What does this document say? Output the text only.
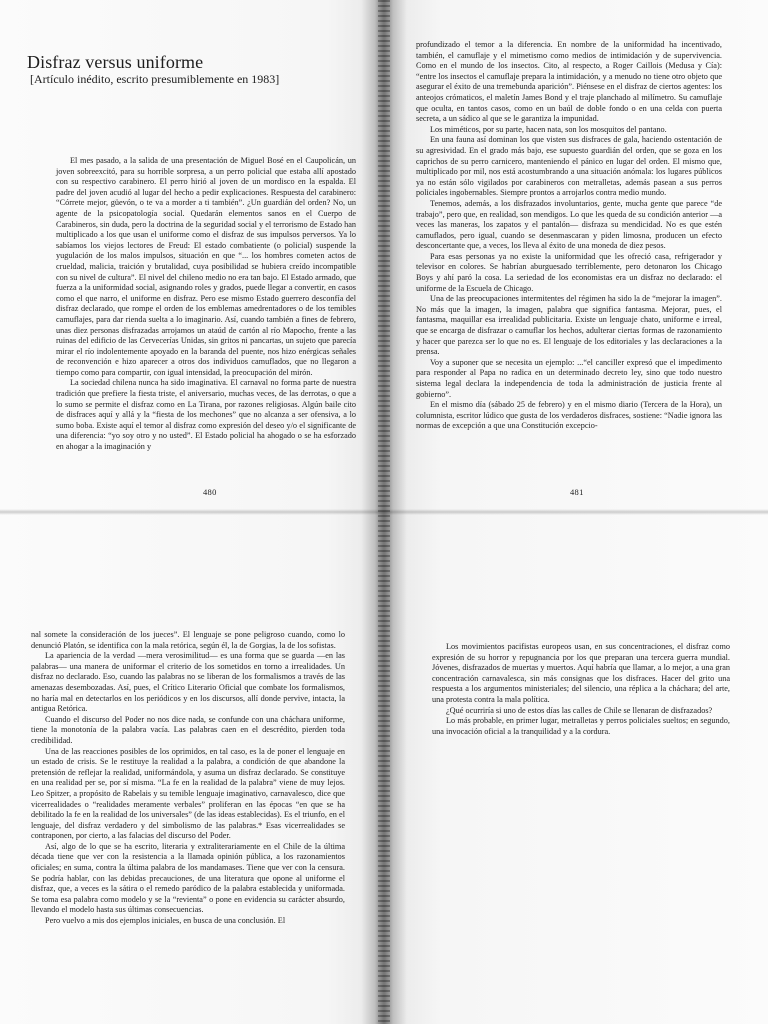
Disfraz versus uniforme
[Artículo inédito, escrito presumiblemente en 1983]

El mes pasado, a la salida de una presentación de Miguel Bosé en el Caupolicán, un joven sobreexcitó, para su horrible sorpresa, a un perro policial que estaba allí apostado con su respectivo carabinero. El perro hirió al joven de un mordisco en la espalda. El padre del joven acudió al lugar del hecho a pedir explicaciones. Respuesta del carabinero: “Córrete mejor, güevón, o te va a morder a ti también”. ¿Un guardián del orden? No, un agente de la psicopatología social. Quedarán elementos sanos en el Cuerpo de Carabineros, sin duda, pero la doctrina de la seguridad social y el terrorismo de Estado han multiplicado a los que usan el uniforme como el disfraz de sus impulsos perversos. Ya lo sabíamos los viejos lectores de Freud: El estado combatiente (o policial) suspende la yugulación de los malos impulsos, situación en que “... los hombres cometen actos de crueldad, malicia, traición y brutalidad, cuya posibilidad se hubiera creído incompatible con su nivel de cultura”. El nivel del chileno medio no era tan bajo. El Estado armado, que fuerza a la uniformidad social, asignando roles y grados, puede llegar a convertir, en casos como el que narro, el uniforme en disfraz. Pero ese mismo Estado guerrero desconfía del disfraz declarado, que rompe el orden de los emblemas amedrentadores o de los temibles camuflajes, para dar rienda suelta a lo imaginario. Así, cuando también a fines de febrero, unas diez personas disfrazadas arrojamos un ataúd de cartón al río Mapocho, frente a las ruinas del edificio de las Cervecerías Unidas, sin gritos ni pancartas, un sujeto que parecía mirar el río indolentemente apoyado en la baranda del puente, nos hizo enérgicas señales de reconvención e hizo aparecer a otros dos individuos camuflados, que no llegaron a tiempo como para compartir, con igual intensidad, la preocupación del mirón.

La sociedad chilena nunca ha sido imaginativa. El carnaval no forma parte de nuestra tradición que prefiere la fiesta triste, el aniversario, muchas veces, de las derrotas, o que a lo sumo se permite el disfraz como en La Tirana, por razones religiosas. Algún baile cito de disfraces aquí y allá y la “fiesta de los mechones” que no alcanza a ser ofensiva, a lo sumo boba. Existe aquí el temor al disfraz como expresión del deseo y/o el significante de una diferencia: “yo soy otro y no usted”. El Estado policial ha ahogado o se ha esforzado en ahogar a la imaginación y

480

profundizado el temor a la diferencia. En nombre de la uniformidad ha incentivado, también, el camuflaje y el mimetismo como medios de intimidación y de supervivencia. Como en el mundo de los insectos. Cito, al respecto, a Roger Caillois (Medusa y Cía): “entre los insectos el camuflaje prepara la intimidación, y a menudo no tiene otro objeto que asegurar el éxito de una tremebunda aparición”. Piénsese en el disfraz de ciertos agentes: los anteojos crómaticos, el maletín James Bond y el traje planchado al milímetro. Su camuflaje que oculta, en tantos casos, como en un baúl de doble fondo o en una celda con puerta secreta, a un sádico al que se le garantiza la impunidad.

Los miméticos, por su parte, hacen nata, son los mosquitos del pantano.

En una fauna así dominan los que visten sus disfraces de gala, haciendo ostentación de su agresividad. En el grado más bajo, ese supuesto guardián del orden, que se goza en los caprichos de su perro carnicero, manteniendo el pánico en lugar del orden. El mismo que, multiplicado por mil, nos está acostumbrando a una situación anómala: los lugares públicos ya no están sólo vigilados por carabineros con metralletas, además pasean a sus perros policiales ingobernables. Siempre prontos a arrojarlos contra medio mundo.

Tenemos, además, a los disfrazados involuntarios, gente, mucha gente que parece “de trabajo”, pero que, en realidad, son mendigos. Lo que les queda de su condición anterior —a veces las maneras, los zapatos y el pantalón— disfraza su mendicidad. No es que estén camuflados, pero igual, cuando se desenmascaran y piden limosna, producen un efecto desconcertante que, a veces, los lleva al éxito de una moneda de diez pesos.

Para esas personas ya no existe la uniformidad que les ofreció casa, refrigerador y televisor en colores. Se habrían aburguesado terriblemente, pero detonaron los Chicago Boys y ahí paró la cosa. La seriedad de los economistas era un disfraz no declarado: el uniforme de la Escuela de Chicago.

Una de las preocupaciones intermitentes del régimen ha sido la de “mejorar la imagen”. No más que la imagen, la imagen, palabra que significa fantasma. Mejorar, pues, el fantasma, maquillar esa irrealidad publicitaria. Existe un lenguaje chato, uniforme e irreal, que se encarga de disfrazar o camuflar los hechos, adulterar ciertas formas de razonamiento y hacer que parezca ser lo que no es. El lenguaje de los editoriales y las declaraciones a la prensa.

Voy a suponer que se necesita un ejemplo: ...“el canciller expresó que el impedimento para responder al Papa no radica en un determinado decreto ley, sino que todo nuestro sistema legal declara la independencia de toda la administración de justicia frente al gobierno”.

En el mismo día (sábado 25 de febrero) y en el mismo diario (Tercera de la Hora), un columnista, escritor lúdico que gusta de los verdaderos disfraces, sostiene: “Nadie ignora las normas de excepción a que una Constitución excepcio-

481

nal somete la consideración de los jueces”. El lenguaje se pone peligroso cuando, como lo denunció Platón, se identifica con la mala retórica, según él, la de Gorgias, la de los sofistas.

La apariencia de la verdad —mera verosimilitud— es una forma que se guarda —en las palabras— una manera de uniformar el criterio de los sometidos en torno a irrealidades. Un disfraz no declarado. Eso, cuando las palabras no se liberan de los formalismos a través de las amenazas desembozadas. Así, pues, el Crítico Literario Oficial que combate los formalismos, no haría mal en detectarlos en los periódicos y en los discursos, allí donde pervive, intacta, la antigua Retórica.

Cuando el discurso del Poder no nos dice nada, se confunde con una cháchara uniforme, tiene la monotonía de la palabra vacía. Las palabras caen en el descrédito, pierden toda credibilidad.

Una de las reacciones posibles de los oprimidos, en tal caso, es la de poner el lenguaje en un estado de crisis. Se le restituye la realidad a la palabra, a condición de que abandone la pretensión de reflejar la realidad, uniformándola, y asuma un disfraz declarado. Se constituye en una realidad per se, por sí misma. “La fe en la realidad de la palabra” viene de muy lejos. Leo Spitzer, a propósito de Rabelais y su temible lenguaje imaginativo, carnavalesco, dice que vicerrealidades o “realidades meramente verbales” proliferan en las épocas “en que se ha debilitado la fe en la realidad de los universales” (de las ideas establecidas). Es el triunfo, en el lenguaje, del disfraz verdadero y del simbolismo de las palabras.* Esas vicerrealidades se contraponen, por cierto, a las falacias del discurso del Poder.

Así, algo de lo que se ha escrito, literaria y extraliterariamente en el Chile de la última década tiene que ver con la resistencia a la llamada opinión pública, a los razonamientos oficiales; en suma, contra la última palabra de los mandamases. Tiene que ver con la censura. Se podría hablar, con las debidas precauciones, de una literatura que opone al uniforme el disfraz, que, a veces es la sátira o el remedo paródico de la palabra establecida y uniformada. Se toma esa palabra como modelo y se la “revienta” o pone en evidencia su carácter absurdo, llevando el modelo hasta sus últimas consecuencias.

Pero vuelvo a mis dos ejemplos iniciales, en busca de una conclusión. El

Los movimientos pacifistas europeos usan, en sus concentraciones, el disfraz como expresión de su horror y repugnancia por los que preparan una tercera guerra mundial. Jóvenes, disfrazados de muertas y muertos. Aquí habría que llamar, a lo mejor, a una gran concentración carnavalesca, sin más consignas que los disfraces. Hacer del grito una respuesta a los argumentos ministeriales; del silencio, una réplica a la cháchara; del arte, una protesta contra la mala política.

¿Qué ocurriría si uno de estos días las calles de Chile se llenaran de disfrazados?

Lo más probable, en primer lugar, metralletas y perros policiales sueltos; en segundo, una invocación oficial a la tranquilidad y a la cordura.
